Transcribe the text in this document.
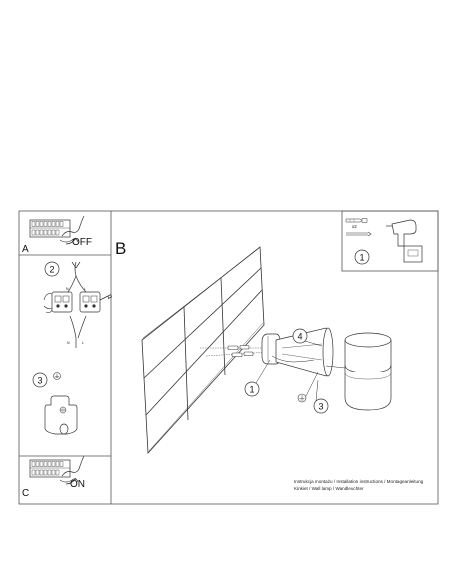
OFF
A
2
N	L
N	L
3
ON
C
B
4
1
3
x2
1
Instrukcja montażu / Installation instructions / Montageanleitung
Kinkiet / Wall lamp / Wandleuchter
